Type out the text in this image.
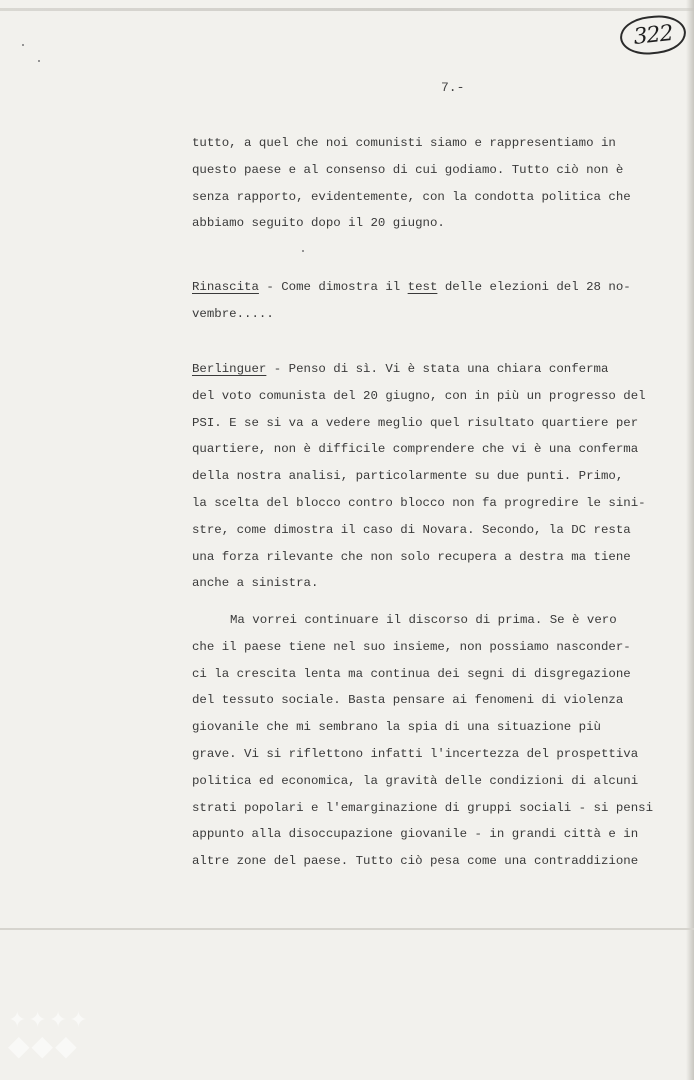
322
7.-
tutto, a quel che noi comunisti siamo e rappresentiamo in
questo paese e al consenso di cui godiamo. Tutto ciò non è
senza rapporto, evidentemente, con la condotta politica che
abbiamo seguito dopo il 20 giugno.
Rinascita - Come dimostra il test delle elezioni del 28 no-
vembre.....
Berlinguer - Penso di sì. Vi è stata una chiara conferma
del voto comunista del 20 giugno, con in più un progresso del
PSI. E se si va a vedere meglio quel risultato quartiere per
quartiere, non è difficile comprendere che vi è una conferma
della nostra analisi, particolarmente su due punti. Primo,
la scelta del blocco contro blocco non fa progredire le sini-
stre, come dimostra il caso di Novara. Secondo, la DC resta
una forza rilevante che non solo recupera a destra ma tiene
anche a sinistra.
Ma vorrei continuare il discorso di prima. Se è vero
che il paese tiene nel suo insieme, non possiamo nasconder-
ci la crescita lenta ma continua dei segni di disgregazione
del tessuto sociale. Basta pensare ai fenomeni di violenza
giovanile che mi sembrano la spia di una situazione più
grave. Vi si riflettono infatti l'incertezza del prospettiva
politica ed economica, la gravità delle condizioni di alcuni
strati popolari e l'emarginazione di gruppi sociali - si pensi
appunto alla disoccupazione giovanile - in grandi città e in
altre zone del paese. Tutto ciò pesa come una contraddizione
✦✦✦✦
◆◆◆
